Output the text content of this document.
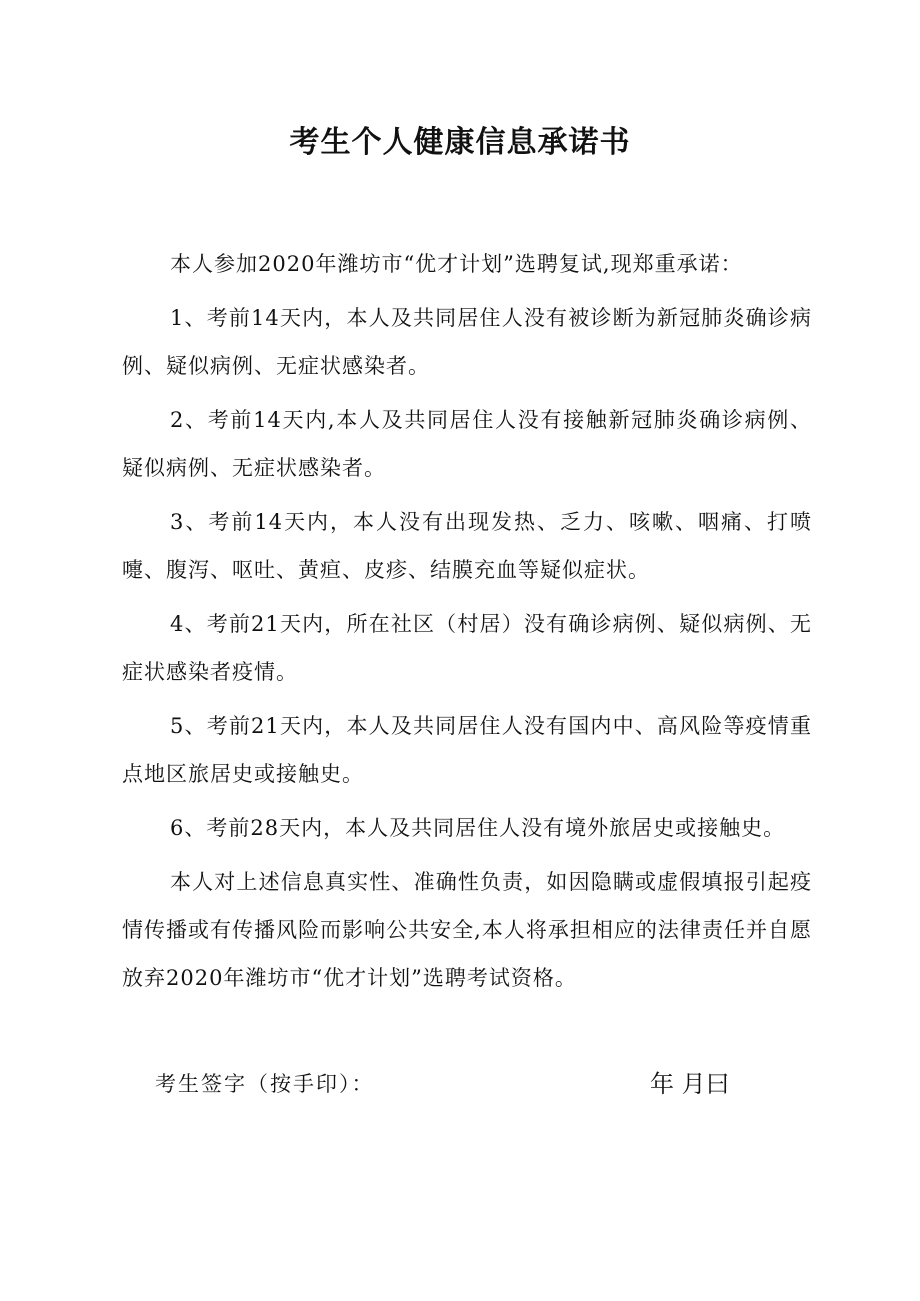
考生个人健康信息承诺书

本人参加2020年潍坊市“优才计划”选聘复试,现郑重承诺：

1、考前14天内，本人及共同居住人没有被诊断为新冠肺炎确诊病例、疑似病例、无症状感染者。

2、考前14天内,本人及共同居住人没有接触新冠肺炎确诊病例、疑似病例、无症状感染者。

3、考前14天内，本人没有出现发热、乏力、咳嗽、咽痛、打喷嚏、腹泻、呕吐、黄疸、皮疹、结膜充血等疑似症状。

4、考前21天内，所在社区（村居）没有确诊病例、疑似病例、无症状感染者疫情。

5、考前21天内，本人及共同居住人没有国内中、高风险等疫情重点地区旅居史或接触史。

6、考前28天内，本人及共同居住人没有境外旅居史或接触史。

本人对上述信息真实性、准确性负责，如因隐瞒或虚假填报引起疫情传播或有传播风险而影响公共安全,本人将承担相应的法律责任并自愿放弃2020年潍坊市“优才计划”选聘考试资格。

考生签字（按手印）：	年 月曰
